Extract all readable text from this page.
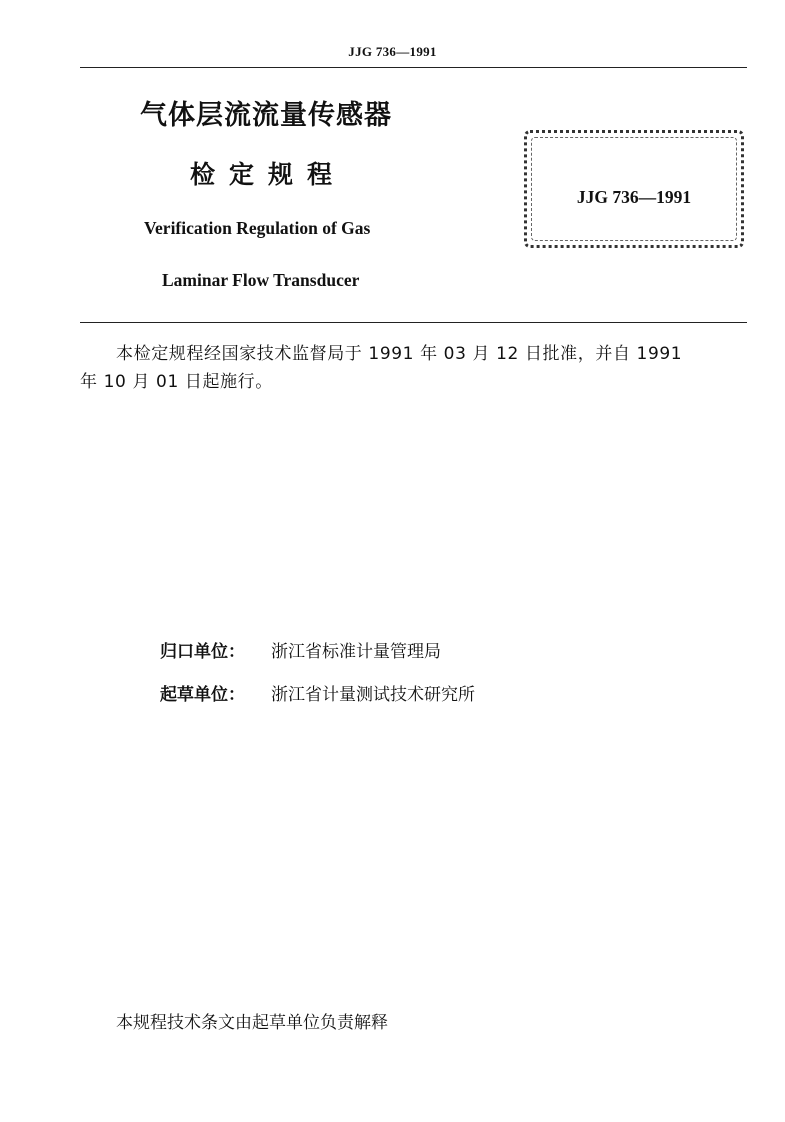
JJG 736—1991
气体层流流量传感器
检定规程
Verification Regulation of Gas
Laminar Flow Transducer
JJG 736—1991
本检定规程经国家技术监督局于 1991 年 03 月 12 日批准，并自 1991
年 10 月 01 日起施行。
归口单位： 浙江省标准计量管理局
起草单位： 浙江省计量测试技术研究所
本规程技术条文由起草单位负责解释
